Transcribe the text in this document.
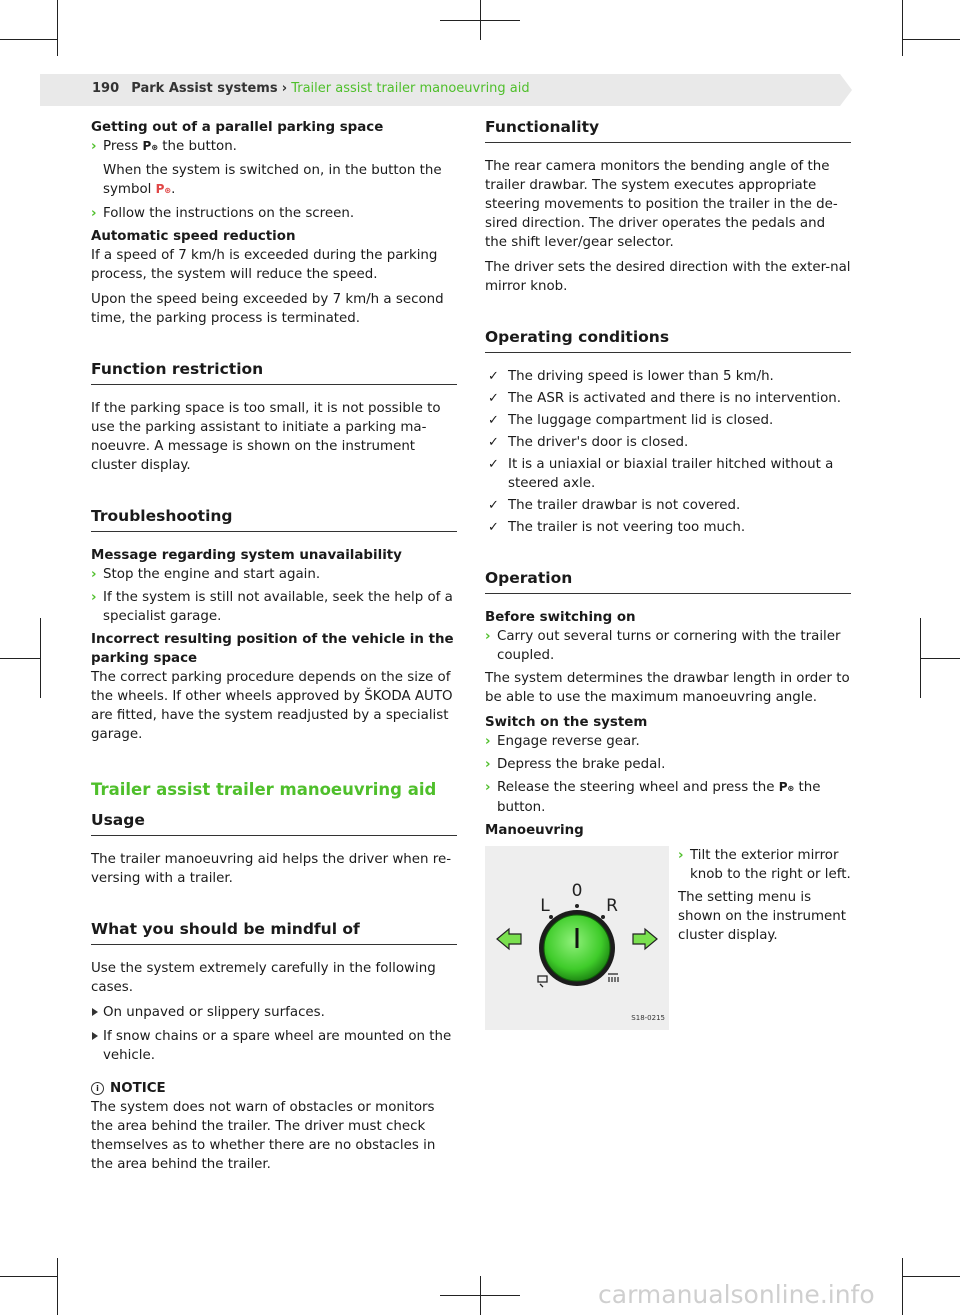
190 Park Assist systems › Trailer assist trailer manoeuvring aid

Getting out of a parallel parking space

› Press P⊛ the button.
When the system is switched on, in the button the symbol P⊛.
› Follow the instructions on the screen.

Automatic speed reduction

If a speed of 7 km/h is exceeded during the parking process, the system will reduce the speed.

Upon the speed being exceeded by 7 km/h a second time, the parking process is terminated.

Function restriction

If the parking space is too small, it is not possible to use the parking assistant to initiate a parking ma-noeuvre. A message is shown on the instrument cluster display.

Troubleshooting

Message regarding system unavailability

› Stop the engine and start again.
› If the system is still not available, seek the help of a specialist garage.

Incorrect resulting position of the vehicle in the parking space

The correct parking procedure depends on the size of the wheels. If other wheels approved by ŠKODA AUTO are fitted, have the system readjusted by a specialist garage.

Trailer assist trailer manoeuvring aid
Usage

The trailer manoeuvring aid helps the driver when re-versing with a trailer.

What you should be mindful of

Use the system extremely carefully in the following cases.

On unpaved or slippery surfaces.
If snow chains or a spare wheel are mounted on the vehicle.
i NOTICE

The system does not warn of obstacles or monitors the area behind the trailer. The driver must check themselves as to whether there are no obstacles in the area behind the trailer.

Functionality

The rear camera monitors the bending angle of the trailer drawbar. The system executes appropriate steering movements to position the trailer in the de-sired direction. The driver operates the pedals and the shift lever/gear selector.

The driver sets the desired direction with the exter-nal mirror knob.

Operating conditions
✓ The driving speed is lower than 5 km/h.
✓ The ASR is activated and there is no intervention.
✓ The luggage compartment lid is closed.
✓ The driver's door is closed.
✓ It is a uniaxial or biaxial trailer hitched without a steered axle.
✓ The trailer drawbar is not covered.
✓ The trailer is not veering too much.
Operation

Before switching on

› Carry out several turns or cornering with the trailer coupled.

The system determines the drawbar length in order to be able to use the maximum manoeuvring angle.

Switch on the system

› Engage reverse gear.
› Depress the brake pedal.
› Release the steering wheel and press the P⊛ the button.

Manoeuvring

0
L	R
S18-0215
› Tilt the exterior mirror knob to the right or left.

The setting menu is shown on the instrument cluster display.

carmanualsonline.info
